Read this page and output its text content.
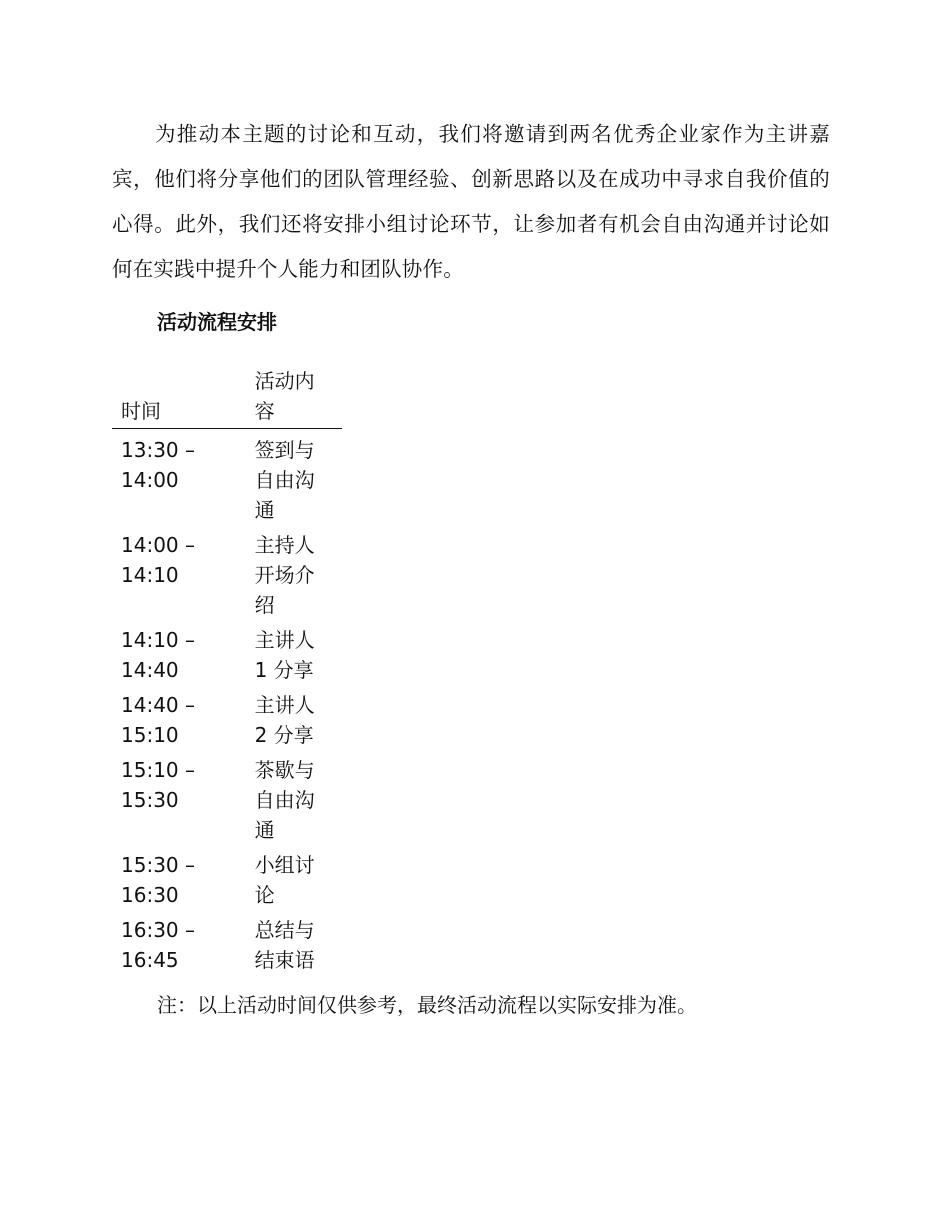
为推动本主题的讨论和互动，我们将邀请到两名优秀企业家作为主讲嘉宾，他们将分享他们的团队管理经验、创新思路以及在成功中寻求自我价值的心得。此外，我们还将安排小组讨论环节，让参加者有机会自由沟通并讨论如何在实践中提升个人能力和团队协作。

活动流程安排
时间	活动内容
13:30 – 14:00	签到与自由沟通
14:00 – 14:10	主持人开场介绍
14:10 – 14:40	主讲人 1 分享
14:40 – 15:10	主讲人 2 分享
15:10 – 15:30	茶歇与自由沟通
15:30 – 16:30	小组讨论
16:30 – 16:45	总结与结束语

注：以上活动时间仅供参考，最终活动流程以实际安排为准。
